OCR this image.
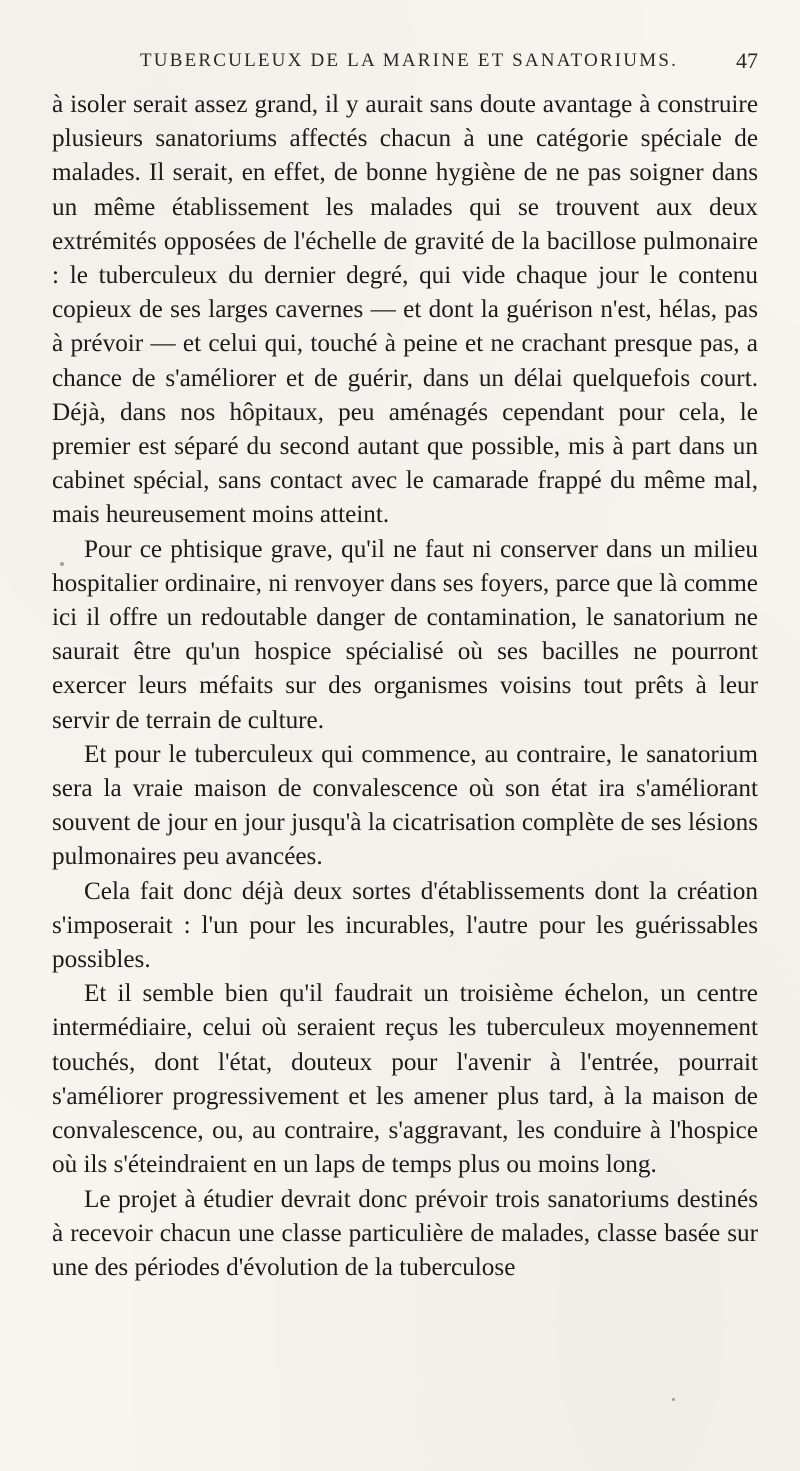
TUBERCULEUX DE LA MARINE ET SANATORIUMS.	47

à isoler serait assez grand, il y aurait sans doute avantage à construire plusieurs sanatoriums affectés chacun à une catégorie spéciale de malades. Il serait, en effet, de bonne hygiène de ne pas soigner dans un même établissement les malades qui se trouvent aux deux extrémités opposées de l'échelle de gravité de la bacillose pulmonaire : le tuberculeux du dernier degré, qui vide chaque jour le contenu copieux de ses larges cavernes — et dont la guérison n'est, hélas, pas à prévoir — et celui qui, touché à peine et ne crachant presque pas, a chance de s'améliorer et de guérir, dans un délai quelquefois court. Déjà, dans nos hôpitaux, peu aménagés cependant pour cela, le premier est séparé du second autant que possible, mis à part dans un cabinet spécial, sans contact avec le camarade frappé du même mal, mais heureusement moins atteint.

Pour ce phtisique grave, qu'il ne faut ni conserver dans un milieu hospitalier ordinaire, ni renvoyer dans ses foyers, parce que là comme ici il offre un redoutable danger de contamination, le sanatorium ne saurait être qu'un hospice spécialisé où ses bacilles ne pourront exercer leurs méfaits sur des organismes voisins tout prêts à leur servir de terrain de culture.

Et pour le tuberculeux qui commence, au contraire, le sanatorium sera la vraie maison de convalescence où son état ira s'améliorant souvent de jour en jour jusqu'à la cicatrisation complète de ses lésions pulmonaires peu avancées.

Cela fait donc déjà deux sortes d'établissements dont la création s'imposerait : l'un pour les incurables, l'autre pour les guérissables possibles.

Et il semble bien qu'il faudrait un troisième échelon, un centre intermédiaire, celui où seraient reçus les tuberculeux moyennement touchés, dont l'état, douteux pour l'avenir à l'entrée, pourrait s'améliorer progressivement et les amener plus tard, à la maison de convalescence, ou, au contraire, s'aggravant, les conduire à l'hospice où ils s'éteindraient en un laps de temps plus ou moins long.

Le projet à étudier devrait donc prévoir trois sanatoriums destinés à recevoir chacun une classe particulière de malades, classe basée sur une des périodes d'évolution de la tuberculose
